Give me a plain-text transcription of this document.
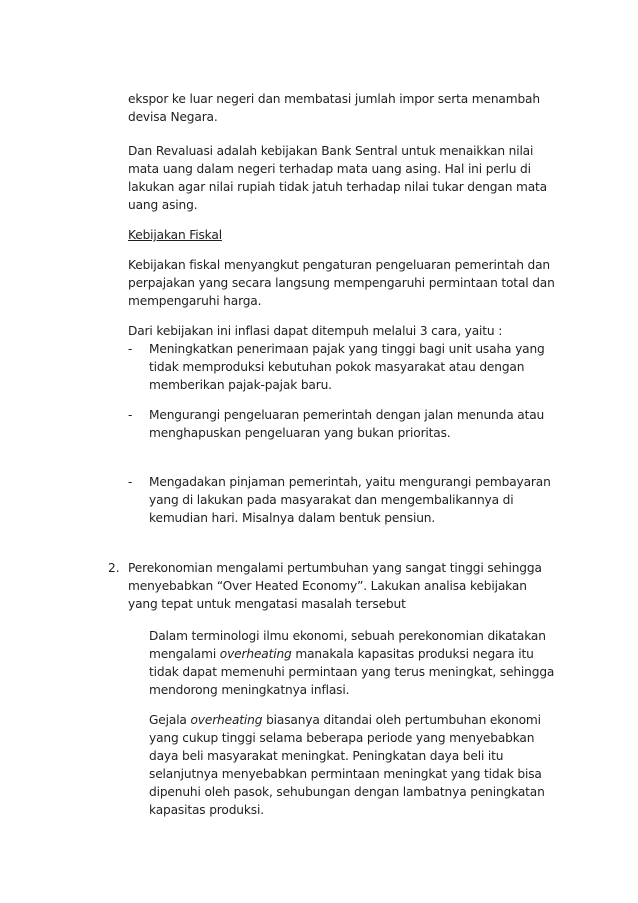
ekspor ke luar negeri dan membatasi jumlah impor serta menambah

devisa Negara.

Dan Revaluasi adalah kebijakan Bank Sentral untuk menaikkan nilai

mata uang dalam negeri terhadap mata uang asing. Hal ini perlu di

lakukan agar nilai rupiah tidak jatuh terhadap nilai tukar dengan mata

uang asing.

Kebijakan Fiskal

Kebijakan fiskal menyangkut pengaturan pengeluaran pemerintah dan

perpajakan yang secara langsung mempengaruhi permintaan total dan

mempengaruhi harga.

Dari kebijakan ini inflasi dapat ditempuh melalui 3 cara, yaitu :

- Meningkatkan penerimaan pajak yang tinggi bagi unit usaha yang

tidak memproduksi kebutuhan pokok masyarakat atau dengan

memberikan pajak-pajak baru.

- Mengurangi pengeluaran pemerintah dengan jalan menunda atau

menghapuskan pengeluaran yang bukan prioritas.

- Mengadakan pinjaman pemerintah, yaitu mengurangi pembayaran

yang di lakukan pada masyarakat dan mengembalikannya di

kemudian hari. Misalnya dalam bentuk pensiun.

2. Perekonomian mengalami pertumbuhan yang sangat tinggi sehingga

menyebabkan “Over Heated Economy”. Lakukan analisa kebijakan

yang tepat untuk mengatasi masalah tersebut

Dalam terminologi ilmu ekonomi, sebuah perekonomian dikatakan

mengalami overheating manakala kapasitas produksi negara itu

tidak dapat memenuhi permintaan yang terus meningkat, sehingga

mendorong meningkatnya inflasi.

Gejala overheating biasanya ditandai oleh pertumbuhan ekonomi

yang cukup tinggi selama beberapa periode yang menyebabkan

daya beli masyarakat meningkat. Peningkatan daya beli itu

selanjutnya menyebabkan permintaan meningkat yang tidak bisa

dipenuhi oleh pasok, sehubungan dengan lambatnya peningkatan

kapasitas produksi.
